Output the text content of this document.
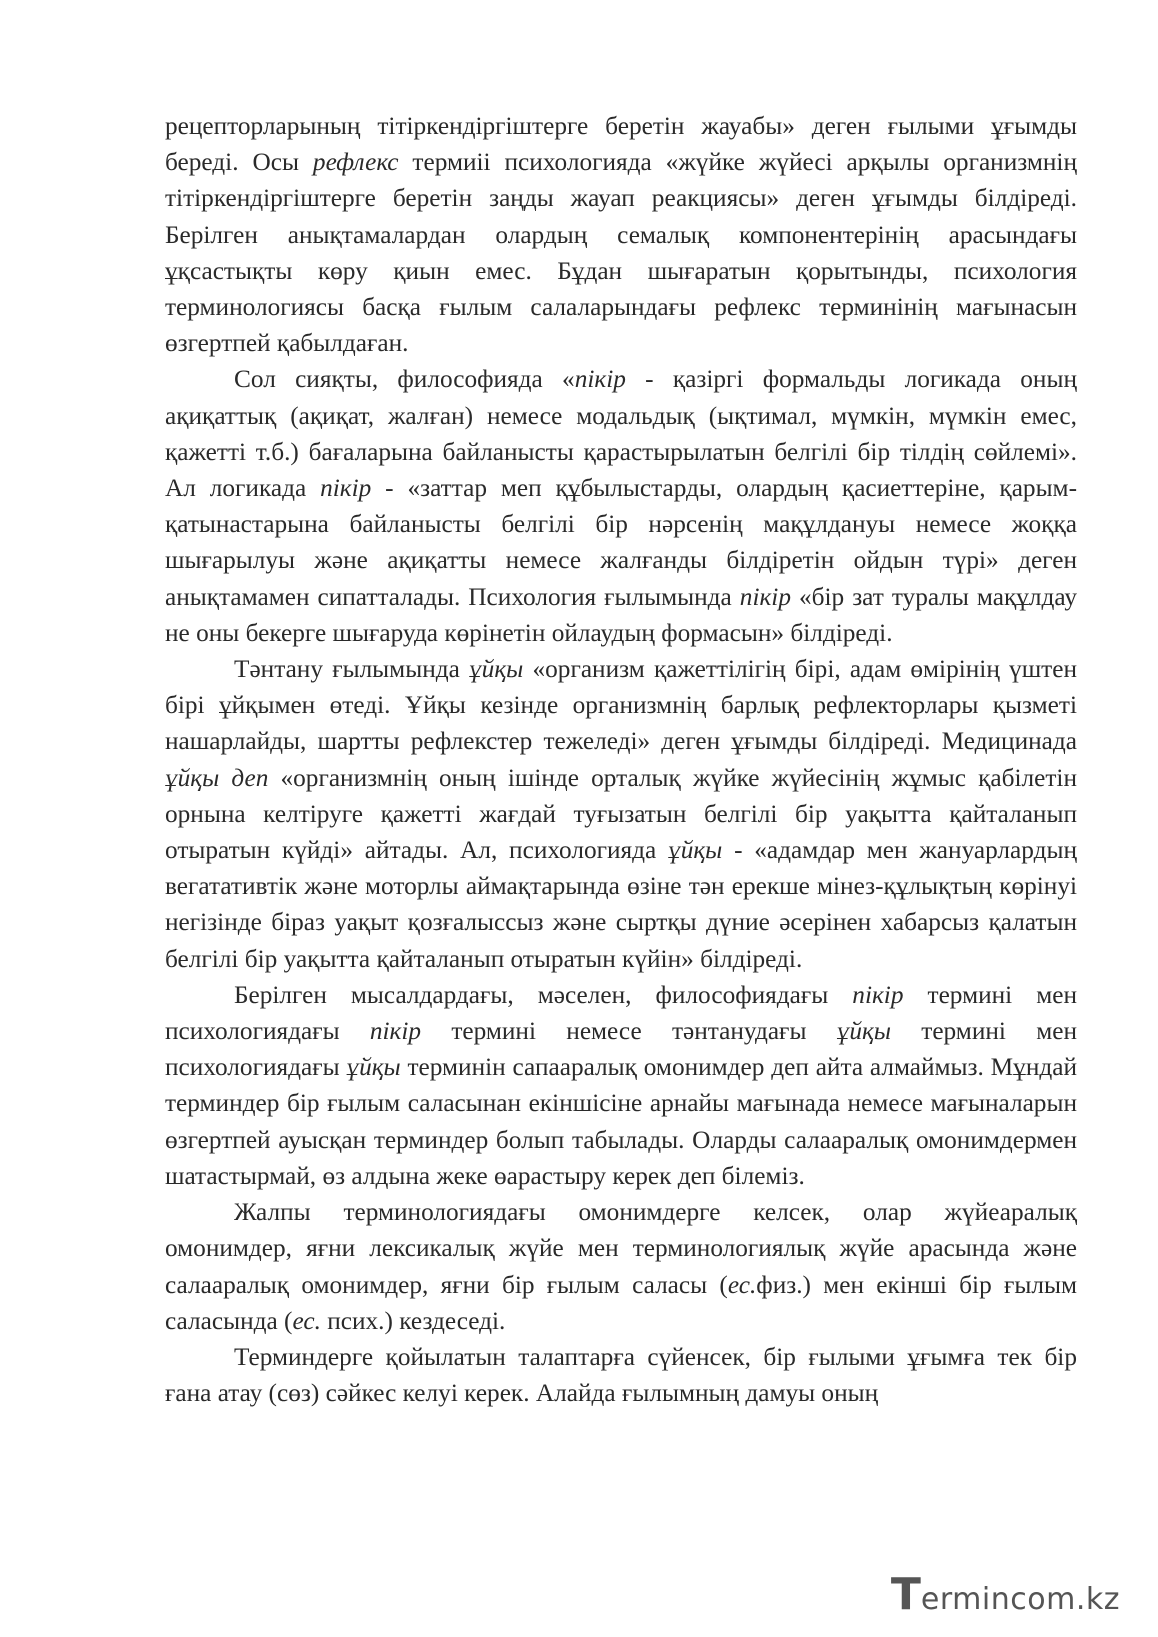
рецепторларының тітіркендіргіштерге беретін жауабы» деген ғылыми ұғымды береді. Осы рефлекс термиіі психологияда «жүйке жүйесі арқылы организмнің тітіркендіргіштерге беретін заңды жауап реакциясы» деген ұғымды білдіреді. Берілген анықтамалардан олардың семалық компонентерінің арасындағы ұқсастықты көру қиын емес. Бұдан шығаратын қорытынды, психология терминологиясы басқа ғылым салаларындағы рефлекс терминінің мағынасын өзгертпей қабылдаған.

Сол сияқты, философияда «пікір - қазіргі формальды логикада оның ақиқаттық (ақиқат, жалған) немесе модальдық (ықтимал, мүмкін, мүмкін емес, қажетті т.б.) бағаларына байланысты қарастырылатын белгілі бір тілдің сөйлемі». Ал логикада пікір - «заттар меп құбылыстарды, олардың қасиеттеріне, қарым-қатынастарына байланысты белгілі бір нәрсенің мақұлдануы немесе жоққа шығарылуы және ақиқатты немесе жалғанды білдіретін ойдын түрі» деген анықтамамен сипатталады. Психология ғылымында пікір «бір зат туралы мақұлдау не оны бекерге шығаруда көрінетін ойлаудың формасын» білдіреді.

Тәнтану ғылымында ұйқы «организм қажеттілігің бірі, адам өмірінің үштен бірі ұйқымен өтеді. Ұйқы кезінде организмнің барлық рефлекторлары қызметі нашарлайды, шартты рефлекстер тежеледі» деген ұғымды білдіреді. Медицинада ұйқы деп «организмнің оның ішінде орталық жүйке жүйесінің жұмыс қабілетін орнына келтіруге қажетті жағдай туғызатын белгілі бір уақытта қайталанып отыратын күйді» айтады. Ал, психологияда ұйқы - «адамдар мен жануарлардың вегатативтік және моторлы аймақтарында өзіне тән ерекше мінез-құлықтың көрінуі негізінде біраз уақыт қозғалыссыз және сыртқы дүние әсерінен хабарсыз қалатын белгілі бір уақытта қайталанып отыратын күйін» білдіреді.

Берілген мысалдардағы, мәселен, философиядағы пікір термині мен психологиядағы пікір термині немесе тәнтанудағы ұйқы термині мен психологиядағы ұйқы терминін сапааралық омонимдер деп айта алмаймыз. Мұндай терминдер бір ғылым саласынан екіншісіне арнайы мағынада немесе мағыналарын өзгертпей ауысқан терминдер болып табылады. Оларды салааралық омонимдермен шатастырмай, өз алдына жеке өарастыру керек деп білеміз.

Жалпы терминологиядағы омонимдерге келсек, олар жүйеаралық омонимдер, яғни лексикалық жүйе мен терминологиялық жүйе арасында және салааралық омонимдер, яғни бір ғылым саласы (ес.физ.) мен екінші бір ғылым саласында (ес. псих.) кездеседі.

Терминдерге қойылатын талаптарға сүйенсек, бір ғылыми ұғымға тек бір ғана атау (сөз) сәйкес келуі керек. Алайда ғылымның дамуы оның

T ermincom.kz
